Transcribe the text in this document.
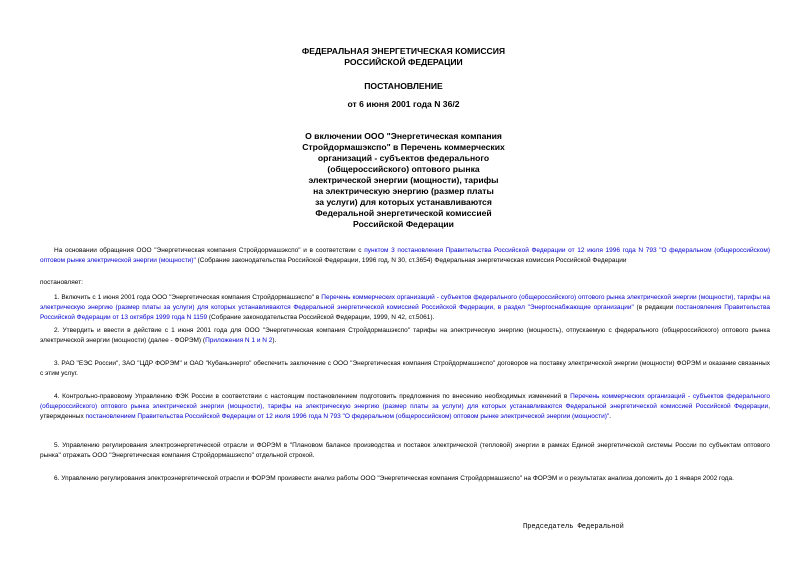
ФЕДЕРАЛЬНАЯ ЭНЕРГЕТИЧЕСКАЯ КОМИССИЯ
РОССИЙСКОЙ ФЕДЕРАЦИИ
ПОСТАНОВЛЕНИЕ
от 6 июня 2001 года N 36/2
О включении ООО "Энергетическая компания
Стройдормашэкспо" в Перечень коммерческих
организаций - субъектов федерального
(общероссийского) оптового рынка
электрической энергии (мощности), тарифы
на электрическую энергию (размер платы
за услуги) для которых устанавливаются
Федеральной энергетической комиссией
Российской Федерации
На основании обращения ООО "Энергетическая компания Стройдормашэкспо" и в соответствии с пунктом 3 постановления Правительства Российской Федерации от 12 июля 1996 года N 793 "О федеральном (общероссийском) оптовом рынке электрической энергии (мощности)" (Собрание законодательства Российской Федерации, 1996 год, N 30, ст.3654) Федеральная энергетическая комиссия Российской Федерации
постановляет:
1. Включить с 1 июня 2001 года ООО "Энергетическая компания Стройдормашэкспо" в Перечень коммерческих организаций - субъектов федерального (общероссийского) оптового рынка электрической энергии (мощности), тарифы на электрическую энергию (размер платы за услуги) для которых устанавливаются Федеральной энергетической комиссией Российской Федерации, в раздел "Энергоснабжающие организации" (в редакции постановления Правительства Российской Федерации от 13 октября 1999 года N 1159 (Собрание законодательства Российской Федерации, 1999, N 42, ст.5061).
2. Утвердить и ввести в действие с 1 июня 2001 года для ООО "Энергетическая компания Стройдормашэкспо" тарифы на электрическую энергию (мощность), отпускаемую с федерального (общероссийского) оптового рынка электрической энергии (мощности) (далее - ФОРЭМ) (Приложения N 1 и N 2).
3. РАО "ЕЭС России", ЗАО "ЦДР ФОРЭМ" и ОАО "Кубаньэнерго" обеспечить заключение с ООО "Энергетическая компания Стройдормашэкспо" договоров на поставку электрической энергии (мощности) ФОРЭМ и оказание связанных с этим услуг.
4. Контрольно-правовому Управлению ФЭК России в соответствии с настоящим постановлением подготовить предложения по внесению необходимых изменений в Перечень коммерческих организаций - субъектов федерального (общероссийского) оптового рынка электрической энергии (мощности), тарифы на электрическую энергию (размер платы за услуги) для которых устанавливаются Федеральной энергетической комиссией Российской Федерации, утвержденных постановлением Правительства Российской Федерации от 12 июля 1996 года N 793 "О федеральном (общероссийском) оптовом рынке электрической энергии (мощности)".
5. Управлению регулирования электроэнергетической отрасли и ФОРЭМ в "Плановом балансе производства и поставок электрической (тепловой) энергии в рамках Единой энергетической системы России по субъектам оптового рынка" отражать ООО "Энергетическая компания Стройдормашэкспо" отдельной строкой.
6. Управлению регулирования электроэнергетической отрасли и ФОРЭМ произвести анализ работы ООО "Энергетическая компания Стройдормашэкспо" на ФОРЭМ и о результатах анализа доложить до 1 января 2002 года.
Председатель Федеральной
